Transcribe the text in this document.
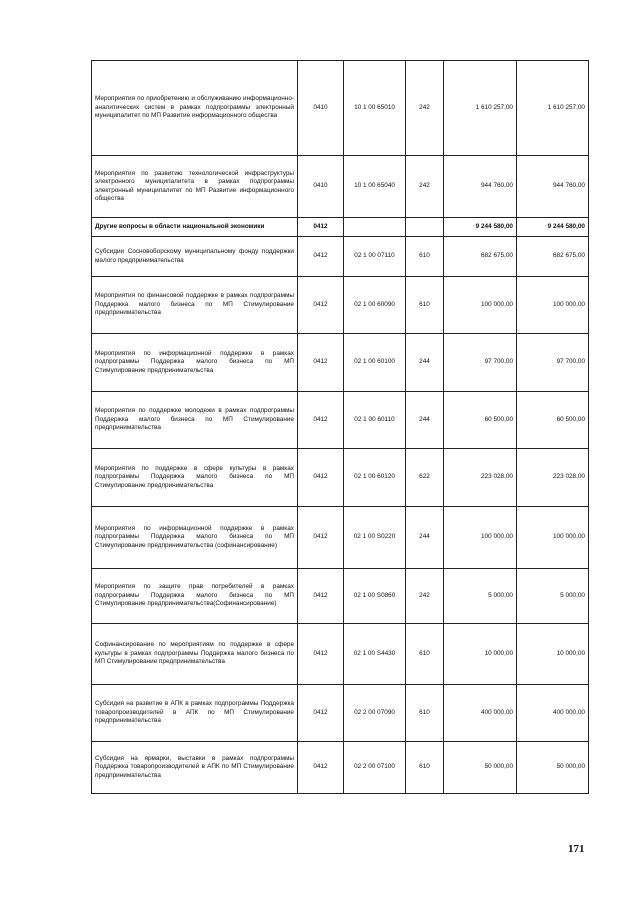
Мероприятия по приобретению и обслуживанию информационно-аналитических систем в рамках подпрограммы электронный муниципалитет по МП Развитие информационного общества	0410	10 1 00 65010	242	1 610 257,00	1 610 257,00
Мероприятия по развитию технологической инфраструктуры электронного муниципалитета в рамках подпрограммы электронный муниципалитет по МП Развитие информационного общества	0410	10 1 00 65040	242	944 760,00	944 760,00
Другие вопросы в области национальной экономики	0412			9 244 580,00	9 244 580,00
Субсидии Сосновоборскому муниципальному фонду поддержки малого предпринимательства	0412	02 1 00 07110	610	682 675,00	682 675,00
Мероприятия по финансовой поддержке в рамках подпрограммы Поддержка малого бизнеса по МП Стимулирование предпринимательства	0412	02 1 00 60090	610	100 000,00	100 000,00
Мероприятия по информационной поддержке в рамках подпрограммы Поддержка малого бизнеса по МП Стимулирование предпринимательства	0412	02 1 00 60100	244	97 700,00	97 700,00
Мероприятия по поддержке молодежи в рамках подпрограммы Поддержка малого бизнеса по МП Стимулирование предпринимательства	0412	02 1 00 60110	244	60 500,00	60 500,00
Мероприятия по поддержке в сфере культуры в рамках подпрограммы Поддержка малого бизнеса по МП Стимулирование предпринимательства	0412	02 1 00 60120	622	223 028,00	223 028,00
Мероприятия по информационной поддержке в рамках подпрограммы Поддержка малого бизнеса по МП Стимулирование предпринимательства (софинансирование)	0412	02 1 00 S0220	244	100 000,00	100 000,00
Мероприятия по защите прав потребителей в рамках подпрограммы Поддержка малого бизнеса по МП Стимулирование предпринимательства(Софинансирование)	0412	02 1 00 S0860	242	5 000,00	5 000,00
Софинансирование по мероприятиям по поддержке в сфере культуры в рамках подпрограммы Поддержка малого бизнеса по МП Стимулирование предпринимательства	0412	02 1 00 S4430	610	10 000,00	10 000,00
Субсидия на развитие в АПК в рамках подпрограммы Поддержка товаропроизводителей в АПК по МП Стимулирование предпринимательства	0412	02 2 00 07090	610	400 000,00	400 000,00
Субсидия на ярмарки, выставки в рамках подпрограммы Поддержка товаропроизводителей в АПК по МП Стимулирование предпринимательства	0412	02 2 00 07100	610	50 000,00	50 000,00
171
